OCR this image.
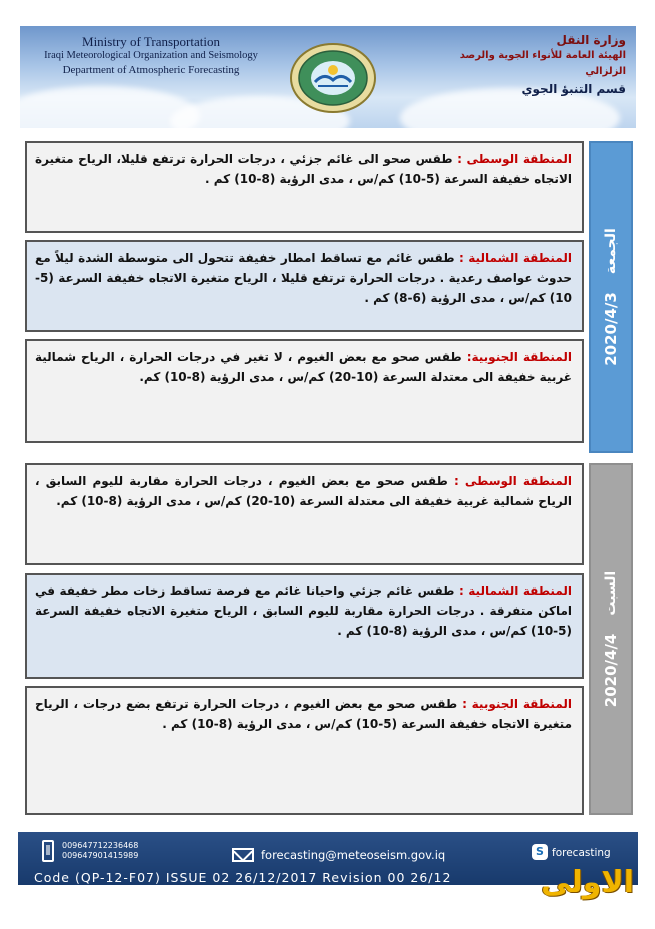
Ministry of Transportation
Iraqi Meteorological Organization and Seismology
Department of Atmospheric Forecasting
وزارة النقل
الهيئة العامة للأنواء الجوية والرصد الزلزالي
قسم التنبؤ الجوي
2020/4/3
الجمعة
المنطقة الوسطى : طقس صحو الى غائم جزئي ، درجات الحرارة ترتفع قليلا، الرياح متغيرة الاتجاه خفيفة السرعة (5-10) كم/س ، مدى الرؤية (8-10) كم .
المنطقة الشمالية : طقس غائم مع تساقط امطار خفيفة تتحول الى متوسطة الشدة ليلاً مع حدوث عواصف رعدية . درجات الحرارة ترتفع قليلا ، الرياح متغيرة الاتجاه خفيفة السرعة (5-10) كم/س ، مدى الرؤية (6-8) كم .
المنطقة الجنوبية: طقس صحو مع بعض الغيوم ، لا تغير في درجات الحرارة ، الرياح شمالية غربية خفيفة الى معتدلة السرعة (10-20) كم/س ، مدى الرؤية (8-10) كم.
2020/4/4
السبت
المنطقة الوسطى : طقس صحو مع بعض الغيوم ، درجات الحرارة مقاربة لليوم السابق ، الرياح شمالية غربية خفيفة الى معتدلة السرعة (10-20) كم/س ، مدى الرؤية (8-10) كم.
المنطقة الشمالية : طقس غائم جزئي واحيانا غائم مع فرصة تساقط زخات مطر خفيفة في اماكن متفرقة . درجات الحرارة مقاربة لليوم السابق ، الرياح متغيرة الاتجاه خفيفة السرعة (5-10) كم/س ، مدى الرؤية (8-10) كم .
المنطقة الجنوبية : طقس صحو مع بعض الغيوم ، درجات الحرارة ترتفع بضع درجات ، الرياح متغيرة الاتجاه خفيفة السرعة (5-10) كم/س ، مدى الرؤية (8-10) كم .
009647712236468
009647901415989	forecasting@meteoseism.gov.iq	S forecasting
Code (QP-12-F07) ISSUE 02 26/12/2017 Revision 00 26/12	الاولى
